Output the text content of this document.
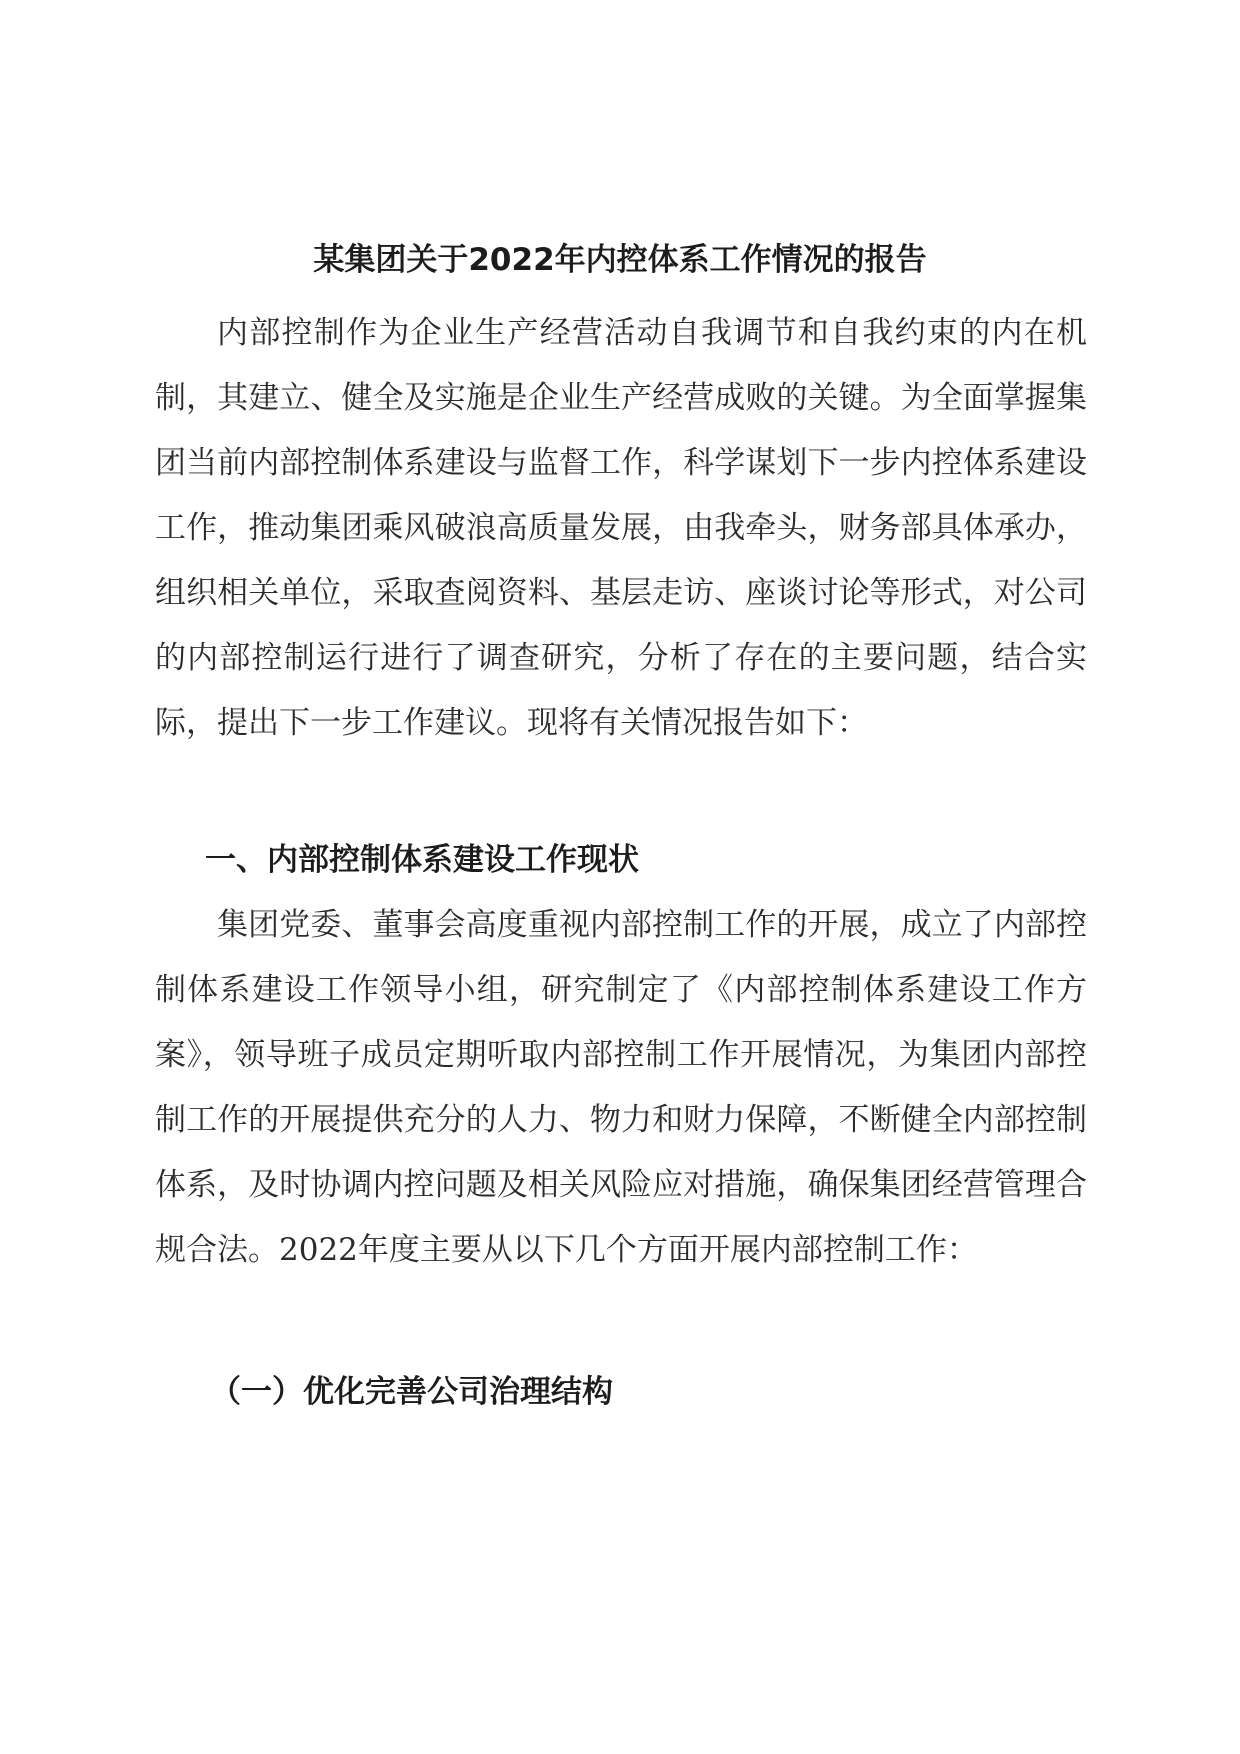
某集团关于2022年内控体系工作情况的报告

内部控制作为企业生产经营活动自我调节和自我约束的内在机制，其建立、健全及实施是企业生产经营成败的关键。为全面掌握集团当前内部控制体系建设与监督工作，科学谋划下一步内控体系建设工作，推动集团乘风破浪高质量发展，由我牵头，财务部具体承办，组织相关单位，采取查阅资料、基层走访、座谈讨论等形式，对公司的内部控制运行进行了调查研究，分析了存在的主要问题，结合实际，提出下一步工作建议。现将有关情况报告如下：

一、内部控制体系建设工作现状

集团党委、董事会高度重视内部控制工作的开展，成立了内部控制体系建设工作领导小组，研究制定了《内部控制体系建设工作方案》，领导班子成员定期听取内部控制工作开展情况，为集团内部控制工作的开展提供充分的人力、物力和财力保障，不断健全内部控制体系，及时协调内控问题及相关风险应对措施，确保集团经营管理合规合法。2022年度主要从以下几个方面开展内部控制工作：

（一）优化完善公司治理结构
